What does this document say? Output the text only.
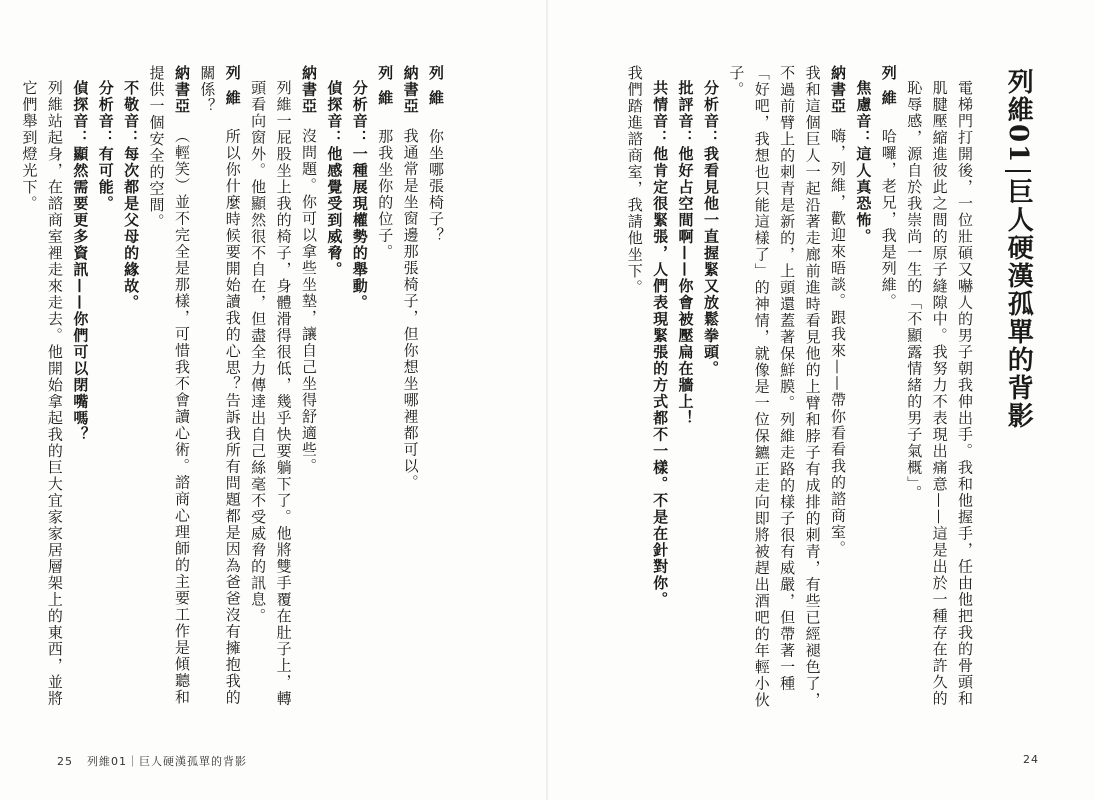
列維01巨人硬漢孤單的背影

電梯門打開後，一位壯碩又嚇人的男子朝我伸出手。我和他握手，任由他把我的骨頭和肌腱壓縮進彼此之間的原子縫隙中。我努力不表現出痛意——這是出於一種存在許久的恥辱感，源自於我崇尚一生的「不顯露情緒的男子氣概」。

列維哈囉，老兄，我是列維。

焦慮音：這人真恐怖。

納書亞嗨，列維，歡迎來晤談。跟我來——帶你看看我的諮商室。

我和這個巨人一起沿著走廊前進時看見他的上臂和脖子有成排的刺青，有些已經褪色了，不過前臂上的刺青是新的，上頭還蓋著保鮮膜。列維走路的樣子很有威嚴，但帶著一種「好吧，我想也只能這樣了」的神情，就像是一位保鑣正走向即將被趕出酒吧的年輕小伙子。

分析音：我看見他一直握緊又放鬆拳頭。

批評音：他好占空間啊——你會被壓扁在牆上！

共情音：他肯定很緊張，人們表現緊張的方式都不一樣。不是在針對你。

我們踏進諮商室，我請他坐下。

24

列維你坐哪張椅子？

納書亞我通常是坐窗邊那張椅子，但你想坐哪裡都可以。

列維那我坐你的位子。

分析音：一種展現權勢的舉動。

偵探音：他感覺受到威脅。

納書亞沒問題。你可以拿些坐墊，讓自己坐得舒適些。

列維一屁股坐上我的椅子，身體滑得很低，幾乎快要躺下了。他將雙手覆在肚子上，轉頭看向窗外。他顯然很不自在，但盡全力傳達出自己絲毫不受威脅的訊息。

列維所以你什麼時候要開始讀我的心思？告訴我所有問題都是因為爸爸沒有擁抱我的關係？

納書亞（輕笑）並不完全是那樣，可惜我不會讀心術。諮商心理師的主要工作是傾聽和提供一個安全的空間。

不敬音：每次都是父母的緣故。

分析音：有可能。

偵探音：顯然需要更多資訊——你們可以閉嘴嗎？

列維站起身，在諮商室裡走來走去。他開始拿起我的巨大宜家家居層架上的東西，並將它們舉到燈光下。

25 列維01｜巨人硬漢孤單的背影
